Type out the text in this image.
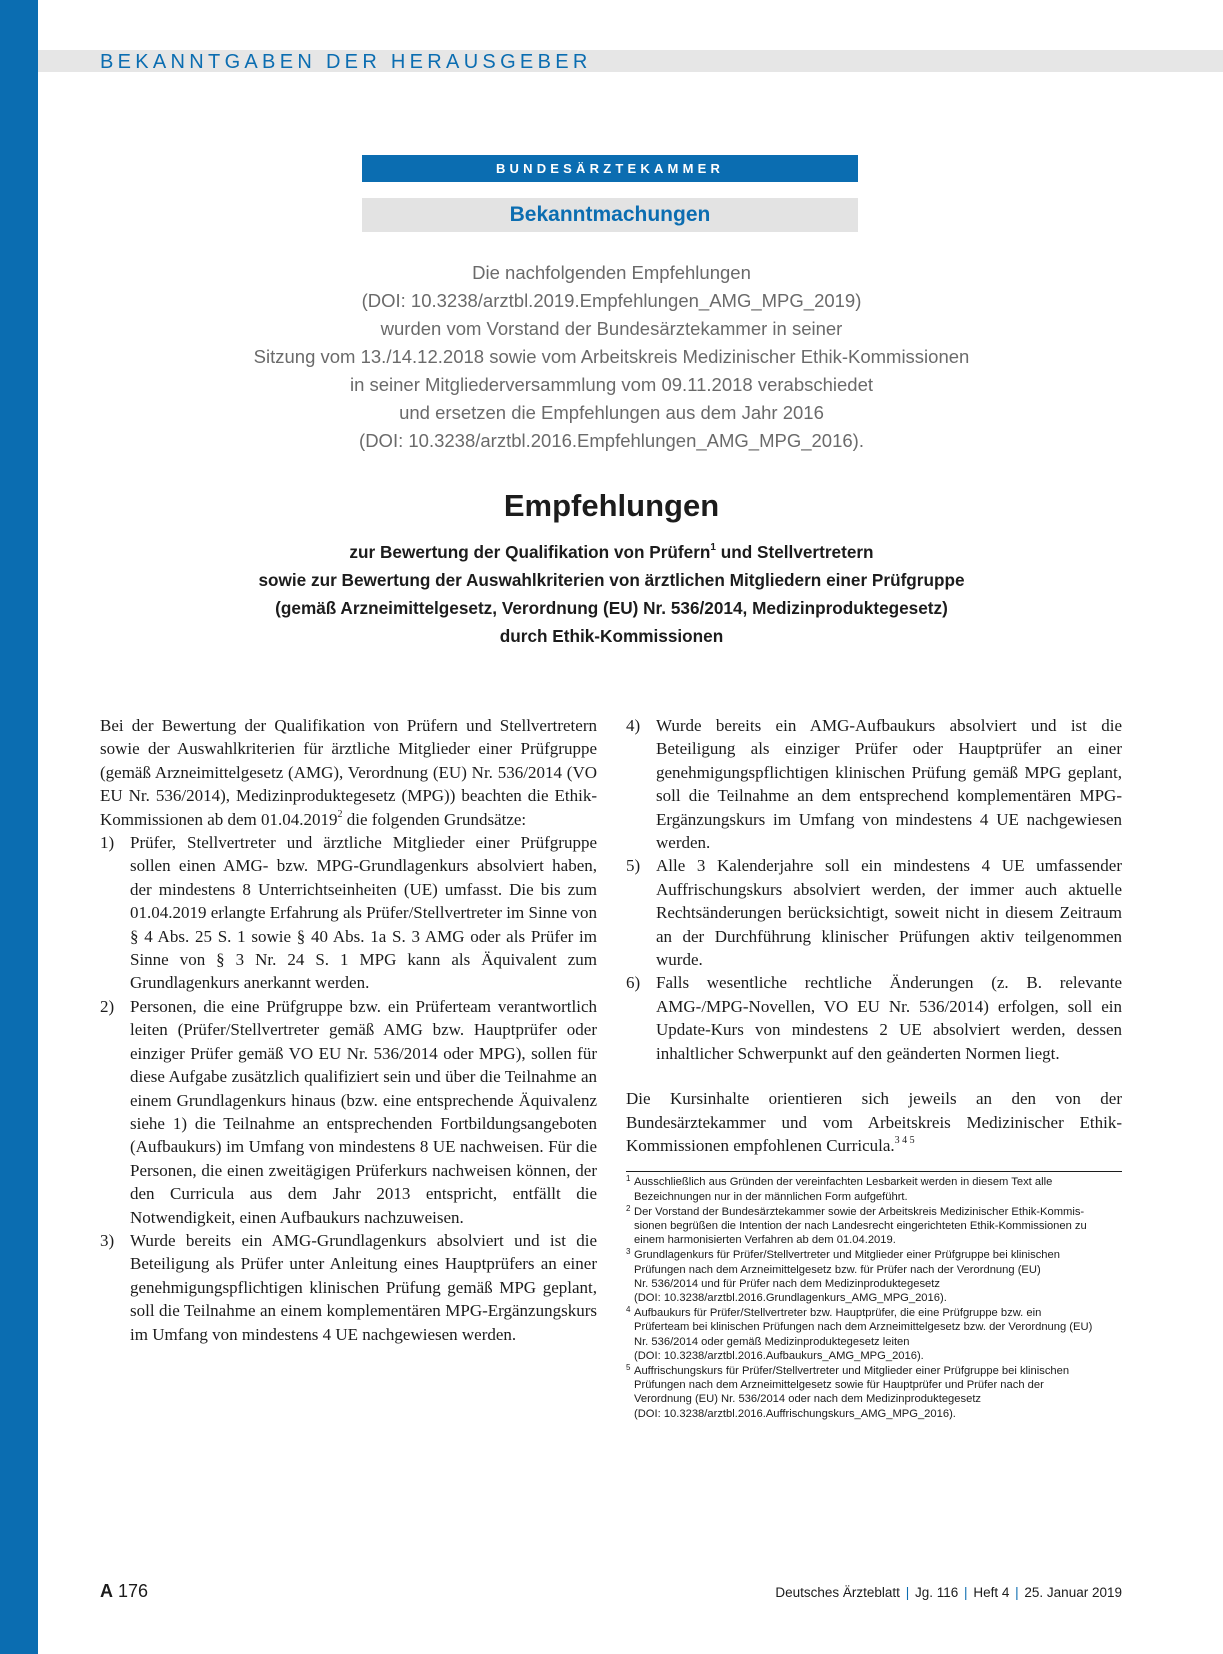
BEKANNTGABEN DER HERAUSGEBER
BUNDESÄRZTEKAMMER
Bekanntmachungen
Die nachfolgenden Empfehlungen
(DOI: 10.3238/arztbl.2019.Empfehlungen_AMG_MPG_2019)
wurden vom Vorstand der Bundesärztekammer in seiner
Sitzung vom 13./14.12.2018 sowie vom Arbeitskreis Medizinischer Ethik-Kommissionen
in seiner Mitgliederversammlung vom 09.11.2018 verabschiedet
und ersetzen die Empfehlungen aus dem Jahr 2016
(DOI: 10.3238/arztbl.2016.Empfehlungen_AMG_MPG_2016).
Empfehlungen
zur Bewertung der Qualifikation von Prüfern$^1$ und Stellvertretern
sowie zur Bewertung der Auswahlkriterien von ärztlichen Mitgliedern einer Prüfgruppe
(gemäß Arzneimittelgesetz, Verordnung (EU) Nr. 536/2014, Medizinproduktegesetz)
durch Ethik-Kommissionen

Bei der Bewertung der Qualifikation von Prüfern und Stellvertretern sowie der Auswahlkriterien für ärztliche Mitglieder einer Prüfgruppe (gemäß Arzneimittelgesetz (AMG), Verordnung (EU) Nr. 536/2014 (VO EU Nr. 536/2014), Medizinproduktegesetz (MPG)) beachten die Ethik-Kommissionen ab dem 01.04.2019$^2$ die folgenden Grundsätze:

1) Prüfer, Stellvertreter und ärztliche Mitglieder einer Prüfgruppe sollen einen AMG- bzw. MPG-Grundlagenkurs absolviert haben, der mindestens 8 Unterrichtseinheiten (UE) umfasst. Die bis zum 01.04.2019 erlangte Erfahrung als Prüfer/Stellvertreter im Sinne von § 4 Abs. 25 S. 1 sowie § 40 Abs. 1a S. 3 AMG oder als Prüfer im Sinne von § 3 Nr. 24 S. 1 MPG kann als Äquivalent zum Grundlagenkurs anerkannt werden.
2) Personen, die eine Prüfgruppe bzw. ein Prüferteam verantwortlich leiten (Prüfer/Stellvertreter gemäß AMG bzw. Hauptprüfer oder einziger Prüfer gemäß VO EU Nr. 536/2014 oder MPG), sollen für diese Aufgabe zusätzlich qualifiziert sein und über die Teilnahme an einem Grundlagenkurs hinaus (bzw. eine entsprechende Äquivalenz siehe 1) die Teilnahme an entsprechenden Fortbildungsangeboten (Aufbaukurs) im Umfang von mindestens 8 UE nachweisen. Für die Personen, die einen zweitägigen Prüferkurs nachweisen können, der den Curricula aus dem Jahr 2013 entspricht, entfällt die Notwendigkeit, einen Aufbaukurs nachzuweisen.
3) Wurde bereits ein AMG-Grundlagenkurs absolviert und ist die Beteiligung als Prüfer unter Anleitung eines Hauptprüfers an einer genehmigungspflichtigen klinischen Prüfung gemäß MPG geplant, soll die Teilnahme an einem komplementären MPG-Ergänzungskurs im Umfang von mindestens 4 UE nachgewiesen werden.
4) Wurde bereits ein AMG-Aufbaukurs absolviert und ist die Beteiligung als einziger Prüfer oder Hauptprüfer an einer genehmigungspflichtigen klinischen Prüfung gemäß MPG geplant, soll die Teilnahme an dem entsprechend komplementären MPG-Ergänzungskurs im Umfang von mindestens 4 UE nachgewiesen werden.
5) Alle 3 Kalenderjahre soll ein mindestens 4 UE umfassender Auffrischungskurs absolviert werden, der immer auch aktuelle Rechtsänderungen berücksichtigt, soweit nicht in diesem Zeitraum an der Durchführung klinischer Prüfungen aktiv teilgenommen wurde.
6) Falls wesentliche rechtliche Änderungen (z. B. relevante AMG-/MPG-Novellen, VO EU Nr. 536/2014) erfolgen, soll ein Update-Kurs von mindestens 2 UE absolviert werden, dessen inhaltlicher Schwerpunkt auf den geänderten Normen liegt.

Die Kursinhalte orientieren sich jeweils an den von der Bundesärztekammer und vom Arbeitskreis Medizinischer Ethik-Kommissionen empfohlenen Curricula.$^{3 4 5}$

1 Ausschließlich aus Gründen der vereinfachten Lesbarkeit werden in diesem Text alle
Bezeichnungen nur in der männlichen Form aufgeführt.
2 Der Vorstand der Bundesärztekammer sowie der Arbeitskreis Medizinischer Ethik-Kommis-
sionen begrüßen die Intention der nach Landesrecht eingerichteten Ethik-Kommissionen zu
einem harmonisierten Verfahren ab dem 01.04.2019.
3 Grundlagenkurs für Prüfer/Stellvertreter und Mitglieder einer Prüfgruppe bei klinischen
Prüfungen nach dem Arzneimittelgesetz bzw. für Prüfer nach der Verordnung (EU)
Nr. 536/2014 und für Prüfer nach dem Medizinproduktegesetz
(DOI: 10.3238/arztbl.2016.Grundlagenkurs_AMG_MPG_2016).
4 Aufbaukurs für Prüfer/Stellvertreter bzw. Hauptprüfer, die eine Prüfgruppe bzw. ein
Prüferteam bei klinischen Prüfungen nach dem Arzneimittelgesetz bzw. der Verordnung (EU)
Nr. 536/2014 oder gemäß Medizinproduktegesetz leiten
(DOI: 10.3238/arztbl.2016.Aufbaukurs_AMG_MPG_2016).
5 Auffrischungskurs für Prüfer/Stellvertreter und Mitglieder einer Prüfgruppe bei klinischen
Prüfungen nach dem Arzneimittelgesetz sowie für Hauptprüfer und Prüfer nach der
Verordnung (EU) Nr. 536/2014 oder nach dem Medizinproduktegesetz
(DOI: 10.3238/arztbl.2016.Auffrischungskurs_AMG_MPG_2016).
A 176	Deutsches Ärzteblatt | Jg. 116 | Heft 4 | 25. Januar 2019
